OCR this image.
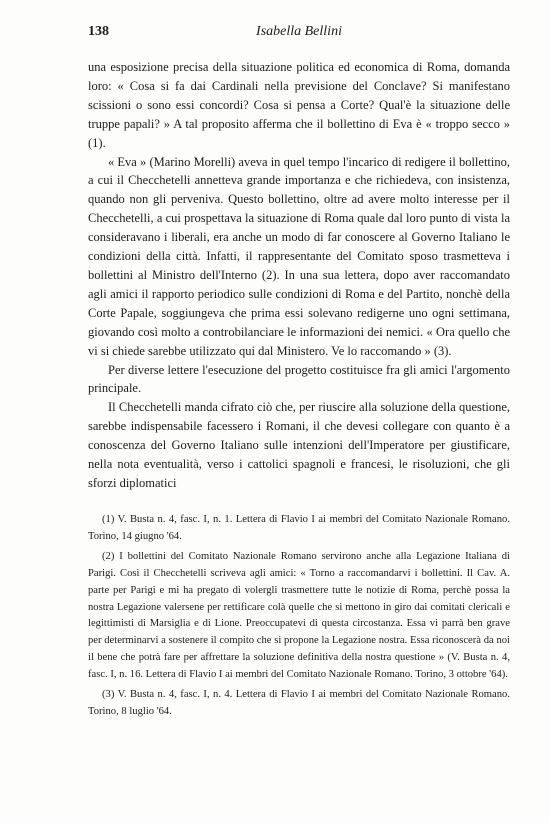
138	Isabella Bellini

una esposizione precisa della situazione politica ed economica di Roma, domanda loro: « Cosa si fa dai Cardinali nella previsione del Conclave? Si manifestano scissioni o sono essi concordi? Cosa si pensa a Corte? Qual'è la situazione delle truppe papali? » A tal proposito afferma che il bollettino di Eva è « troppo secco » (1).

« Eva » (Marino Morelli) aveva in quel tempo l'incarico di redigere il bollettino, a cui il Checchetelli annetteva grande importanza e che richiedeva, con insistenza, quando non gli perveniva. Questo bollettino, oltre ad avere molto interesse per il Checchetelli, a cui prospettava la situazione di Roma quale dal loro punto di vista la consideravano i liberali, era anche un modo di far conoscere al Governo Italiano le condizioni della città. Infatti, il rappresentante del Comitato sposo trasmetteva i bollettini al Ministro dell'Interno (2). In una sua lettera, dopo aver raccomandato agli amici il rapporto periodico sulle condizioni di Roma e del Partito, nonchè della Corte Papale, soggiungeva che prima essi solevano redigerne uno ogni settimana, giovando così molto a controbilanciare le informazioni dei nemici. « Ora quello che vi si chiede sarebbe utilizzato qui dal Ministero. Ve lo raccomando » (3).

Per diverse lettere l'esecuzione del progetto costituisce fra gli amici l'argomento principale.

Il Checchetelli manda cifrato ciò che, per riuscire alla soluzione della questione, sarebbe indispensabile facessero i Romani, il che devesi collegare con quanto è a conoscenza del Governo Italiano sulle intenzioni dell'Imperatore per giustificare, nella nota eventualità, verso i cattolici spagnoli e francesi, le risoluzioni, che gli sforzi diplomatici

(1) V. Busta n. 4, fasc. I, n. 1. Lettera di Flavio I ai membri del Comitato Nazionale Romano. Torino, 14 giugno '64.

(2) I bollettini del Comitato Nazionale Romano servirono anche alla Legazione Italiana di Parigi. Così il Checchetelli scriveva agli amici: « Torno a raccomandarvi i bollettini. Il Cav. A. parte per Parigi e mi ha pregato di volergli trasmettere tutte le notizie di Roma, perchè possa la nostra Legazione valersene per rettificare colà quelle che si mettono in giro dai comitati clericali e legittimisti di Marsiglia e di Lione. Preoccupatevi di questa circostanza. Essa vi parrà ben grave per determinarvi a sostenere il compito che si propone la Legazione nostra. Essa riconoscerà da noi il bene che potrà fare per affrettare la soluzione definitiva della nostra questione » (V. Busta n. 4, fasc. I, n. 16. Lettera di Flavio I ai membri del Comitato Nazionale Romano. Torino, 3 ottobre '64).

(3) V. Busta n. 4, fasc. I, n. 4. Lettera di Flavio I ai membri del Comitato Nazionale Romano. Torino, 8 luglio '64.
